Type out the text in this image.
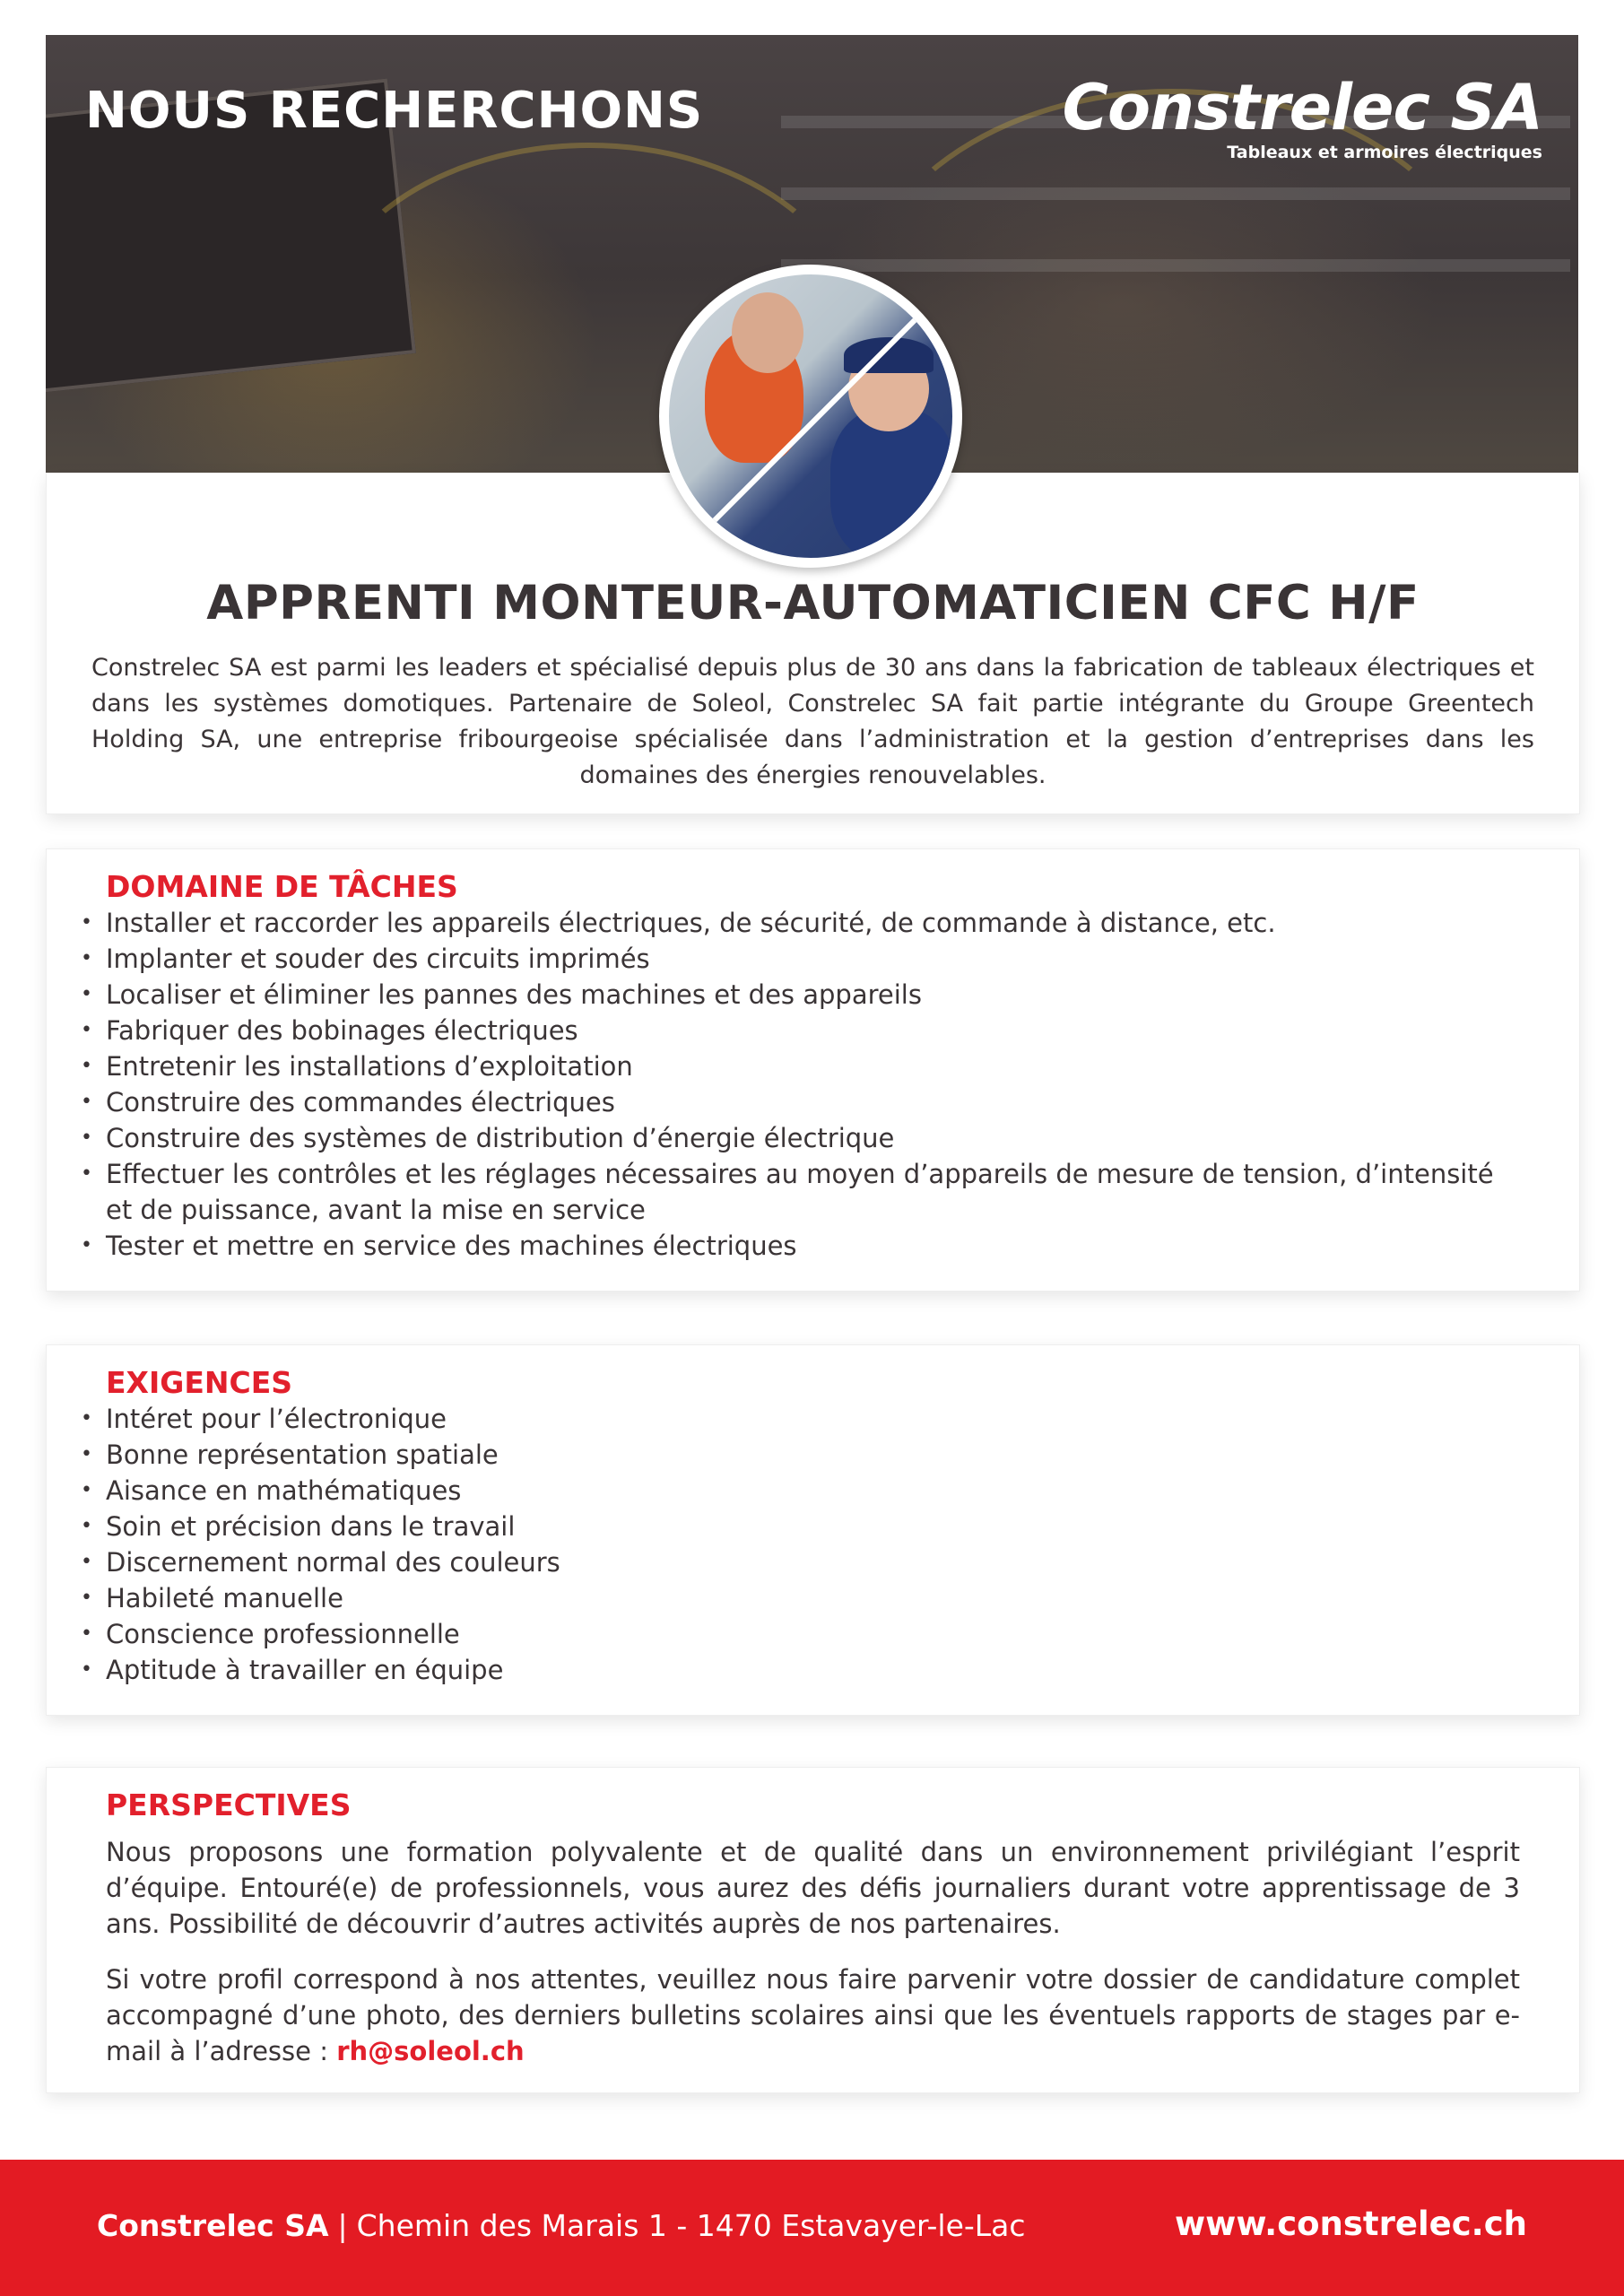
NOUS RECHERCHONS	Constrelec SA
Tableaux et armoires électriques
APPRENTI MONTEUR-AUTOMATICIEN CFC H/F
Constrelec SA est parmi les leaders et spécialisé depuis plus de 30 ans dans la fabrication de tableaux électriques et dans les systèmes domotiques. Partenaire de Soleol, Constrelec SA fait partie intégrante du Groupe Greentech Holding SA, une entreprise fribourgeoise spécialisée dans l’administration et la gestion d’entreprises dans les domaines des énergies renouvelables.
DOMAINE DE TÂCHES
• Installer et raccorder les appareils électriques, de sécurité, de commande à distance, etc.
• Implanter et souder des circuits imprimés
• Localiser et éliminer les pannes des machines et des appareils
• Fabriquer des bobinages électriques
• Entretenir les installations d’exploitation
• Construire des commandes électriques
• Construire des systèmes de distribution d’énergie électrique
• Effectuer les contrôles et les réglages nécessaires au moyen d’appareils de mesure de tension, d’intensité et de puissance, avant la mise en service
• Tester et mettre en service des machines électriques
EXIGENCES
• Intéret pour l’électronique
• Bonne représentation spatiale
• Aisance en mathématiques
• Soin et précision dans le travail
• Discernement normal des couleurs
• Habileté manuelle
• Conscience professionnelle
• Aptitude à travailler en équipe
PERSPECTIVES
Nous proposons une formation polyvalente et de qualité dans un environnement privilégiant l’esprit d’équipe. Entouré(e) de professionnels, vous aurez des défis journaliers durant votre apprentissage de 3 ans. Possibilité de découvrir d’autres activités auprès de nos partenaires.
Si votre profil correspond à nos attentes, veuillez nous faire parvenir votre dossier de candidature complet accompagné d’une photo, des derniers bulletins scolaires ainsi que les éventuels rapports de stages par e-mail à l’adresse : rh@soleol.ch
Constrelec SA | Chemin des Marais 1 - 1470 Estavayer-le-Lac	www.constrelec.ch
